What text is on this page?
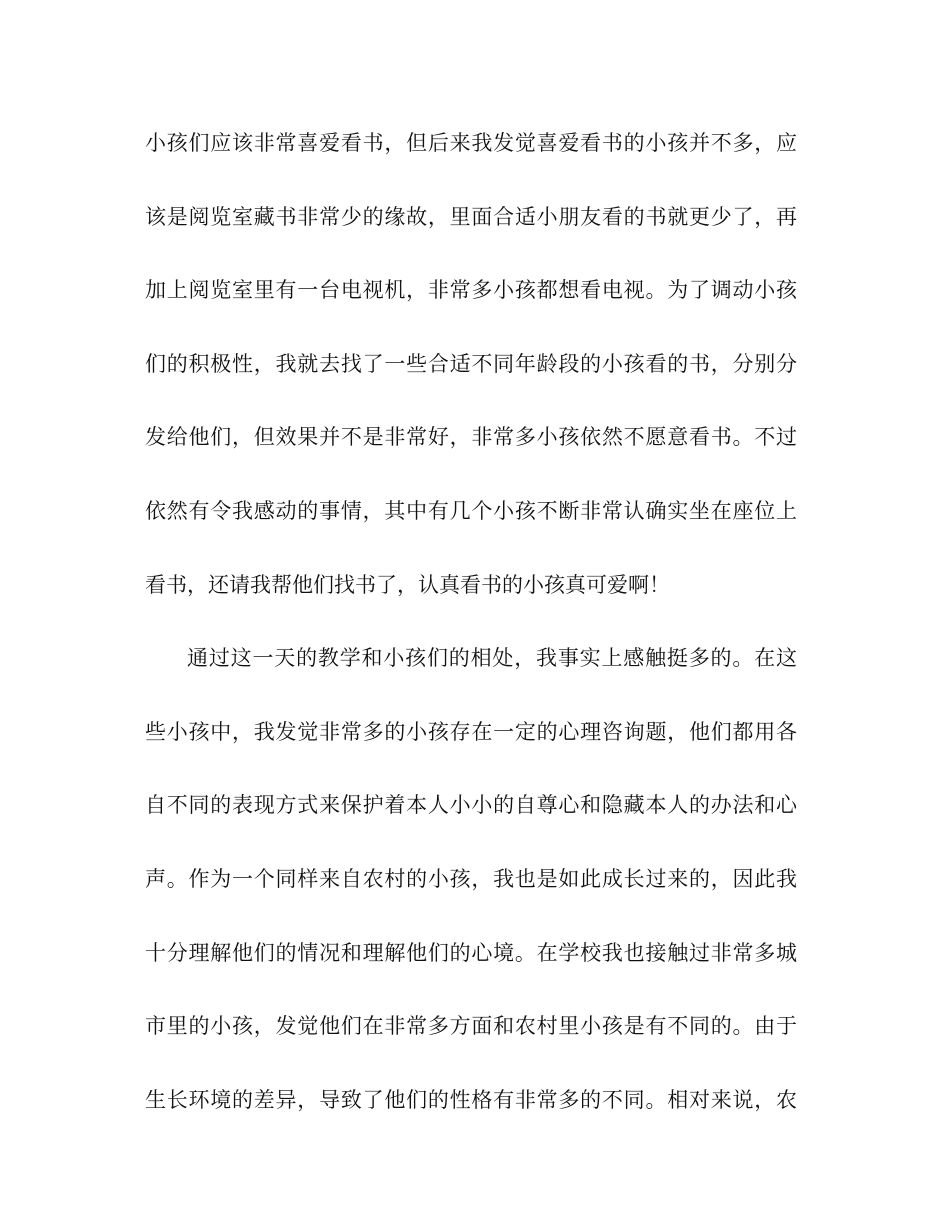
小孩们应该非常喜爱看书，但后来我发觉喜爱看书的小孩并不多，应
该是阅览室藏书非常少的缘故，里面合适小朋友看的书就更少了，再
加上阅览室里有一台电视机，非常多小孩都想看电视。为了调动小孩
们的积极性，我就去找了一些合适不同年龄段的小孩看的书，分别分
发给他们，但效果并不是非常好，非常多小孩依然不愿意看书。不过
依然有令我感动的事情，其中有几个小孩不断非常认确实坐在座位上
看书，还请我帮他们找书了，认真看书的小孩真可爱啊！
通过这一天的教学和小孩们的相处，我事实上感触挺多的。在这
些小孩中，我发觉非常多的小孩存在一定的心理咨询题，他们都用各
自不同的表现方式来保护着本人小小的自尊心和隐藏本人的办法和心
声。作为一个同样来自农村的小孩，我也是如此成长过来的，因此我
十分理解他们的情况和理解他们的心境。在学校我也接触过非常多城
市里的小孩，发觉他们在非常多方面和农村里小孩是有不同的。由于
生长环境的差异，导致了他们的性格有非常多的不同。相对来说，农
